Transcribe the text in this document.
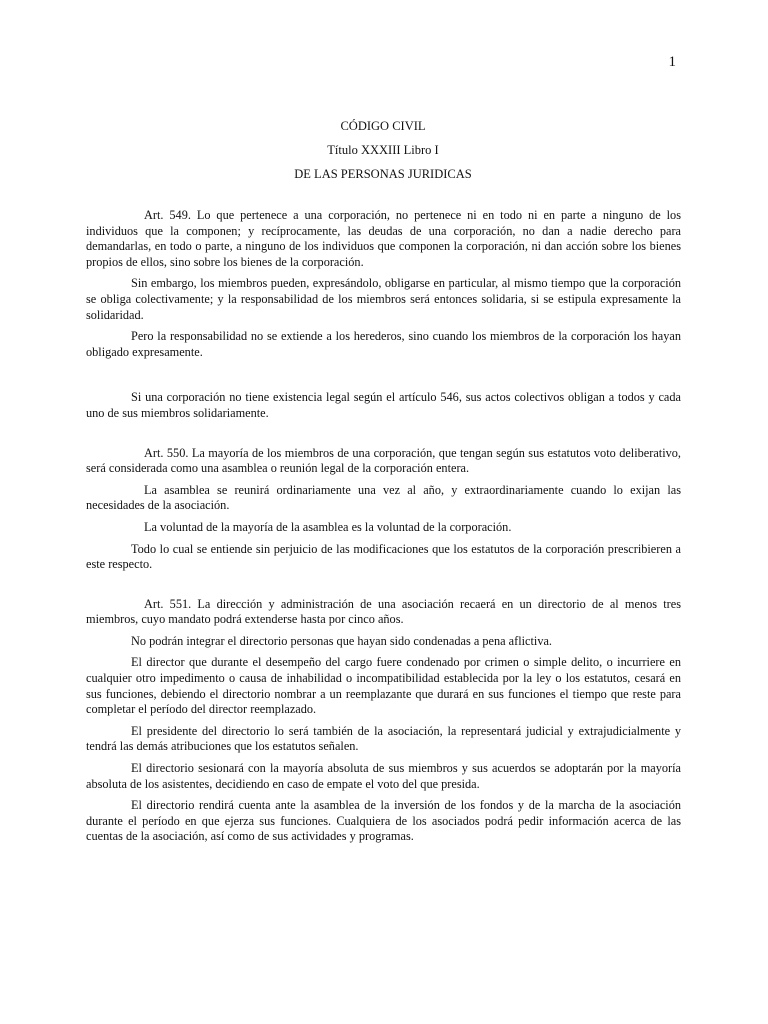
1
CÓDIGO CIVIL
Título XXXIII Libro I
DE LAS PERSONAS JURIDICAS

Art. 549. Lo que pertenece a una corporación, no pertenece ni en todo ni en parte a ninguno de los individuos que la componen; y recíprocamente, las deudas de una corporación, no dan a nadie derecho para demandarlas, en todo o parte, a ninguno de los individuos que componen la corporación, ni dan acción sobre los bienes propios de ellos, sino sobre los bienes de la corporación.

Sin embargo, los miembros pueden, expresándolo, obligarse en particular, al mismo tiempo que la corporación se obliga colectivamente; y la responsabilidad de los miembros será entonces solidaria, si se estipula expresamente la solidaridad.

Pero la responsabilidad no se extiende a los herederos, sino cuando los miembros de la corporación los hayan obligado expresamente.

Si una corporación no tiene existencia legal según el artículo 546, sus actos colectivos obligan a todos y cada uno de sus miembros solidariamente.

Art. 550. La mayoría de los miembros de una corporación, que tengan según sus estatutos voto deliberativo, será considerada como una asamblea o reunión legal de la corporación entera.

La asamblea se reunirá ordinariamente una vez al año, y extraordinariamente cuando lo exijan las necesidades de la asociación.

La voluntad de la mayoría de la asamblea es la voluntad de la corporación.

Todo lo cual se entiende sin perjuicio de las modificaciones que los estatutos de la corporación prescribieren a este respecto.

Art. 551. La dirección y administración de una asociación recaerá en un directorio de al menos tres miembros, cuyo mandato podrá extenderse hasta por cinco años.

No podrán integrar el directorio personas que hayan sido condenadas a pena aflictiva.

El director que durante el desempeño del cargo fuere condenado por crimen o simple delito, o incurriere en cualquier otro impedimento o causa de inhabilidad o incompatibilidad establecida por la ley o los estatutos, cesará en sus funciones, debiendo el directorio nombrar a un reemplazante que durará en sus funciones el tiempo que reste para completar el período del director reemplazado.

El presidente del directorio lo será también de la asociación, la representará judicial y extrajudicialmente y tendrá las demás atribuciones que los estatutos señalen.

El directorio sesionará con la mayoría absoluta de sus miembros y sus acuerdos se adoptarán por la mayoría absoluta de los asistentes, decidiendo en caso de empate el voto del que presida.

El directorio rendirá cuenta ante la asamblea de la inversión de los fondos y de la marcha de la asociación durante el período en que ejerza sus funciones. Cualquiera de los asociados podrá pedir información acerca de las cuentas de la asociación, así como de sus actividades y programas.
